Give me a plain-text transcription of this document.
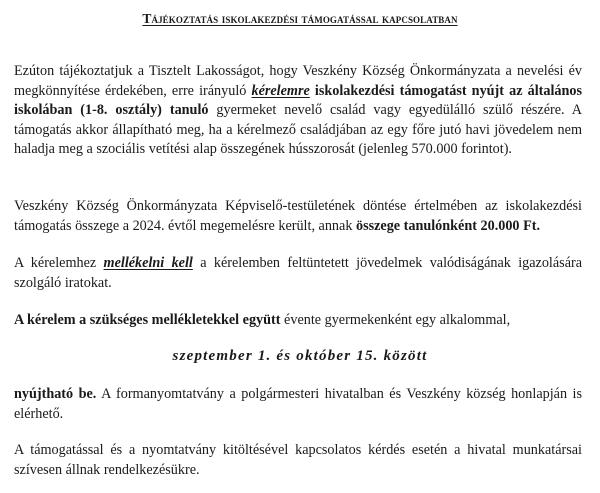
Tájékoztatás iskolakezdési támogatással kapcsolatban
Ezúton tájékoztatjuk a Tisztelt Lakosságot, hogy Veszkény Község Önkormányzata a nevelési év megkönnyítése érdekében, erre irányuló kérelemre iskolakezdési támogatást nyújt az általános iskolában (1-8. osztály) tanuló gyermeket nevelő család vagy egyedülálló szülő részére. A támogatás akkor állapítható meg, ha a kérelmező családjában az egy főre jutó havi jövedelem nem haladja meg a szociális vetítési alap összegének hússzorosát (jelenleg 570.000 forintot).
Veszkény Község Önkormányzata Képviselő-testületének döntése értelmében az iskolakezdési támogatás összege a 2024. évtől megemelésre került, annak összege tanulónként 20.000 Ft.
A kérelemhez mellékelni kell a kérelemben feltüntetett jövedelmek valódiságának igazolására szolgáló iratokat.
A kérelem a szükséges mellékletekkel együtt évente gyermekenként egy alkalommal,
szeptember 1. és október 15. között
nyújtható be. A formanyomtatvány a polgármesteri hivatalban és Veszkény község honlapján is elérhető.
A támogatással és a nyomtatvány kitöltésével kapcsolatos kérdés esetén a hivatal munkatársai szívesen állnak rendelkezésükre.
